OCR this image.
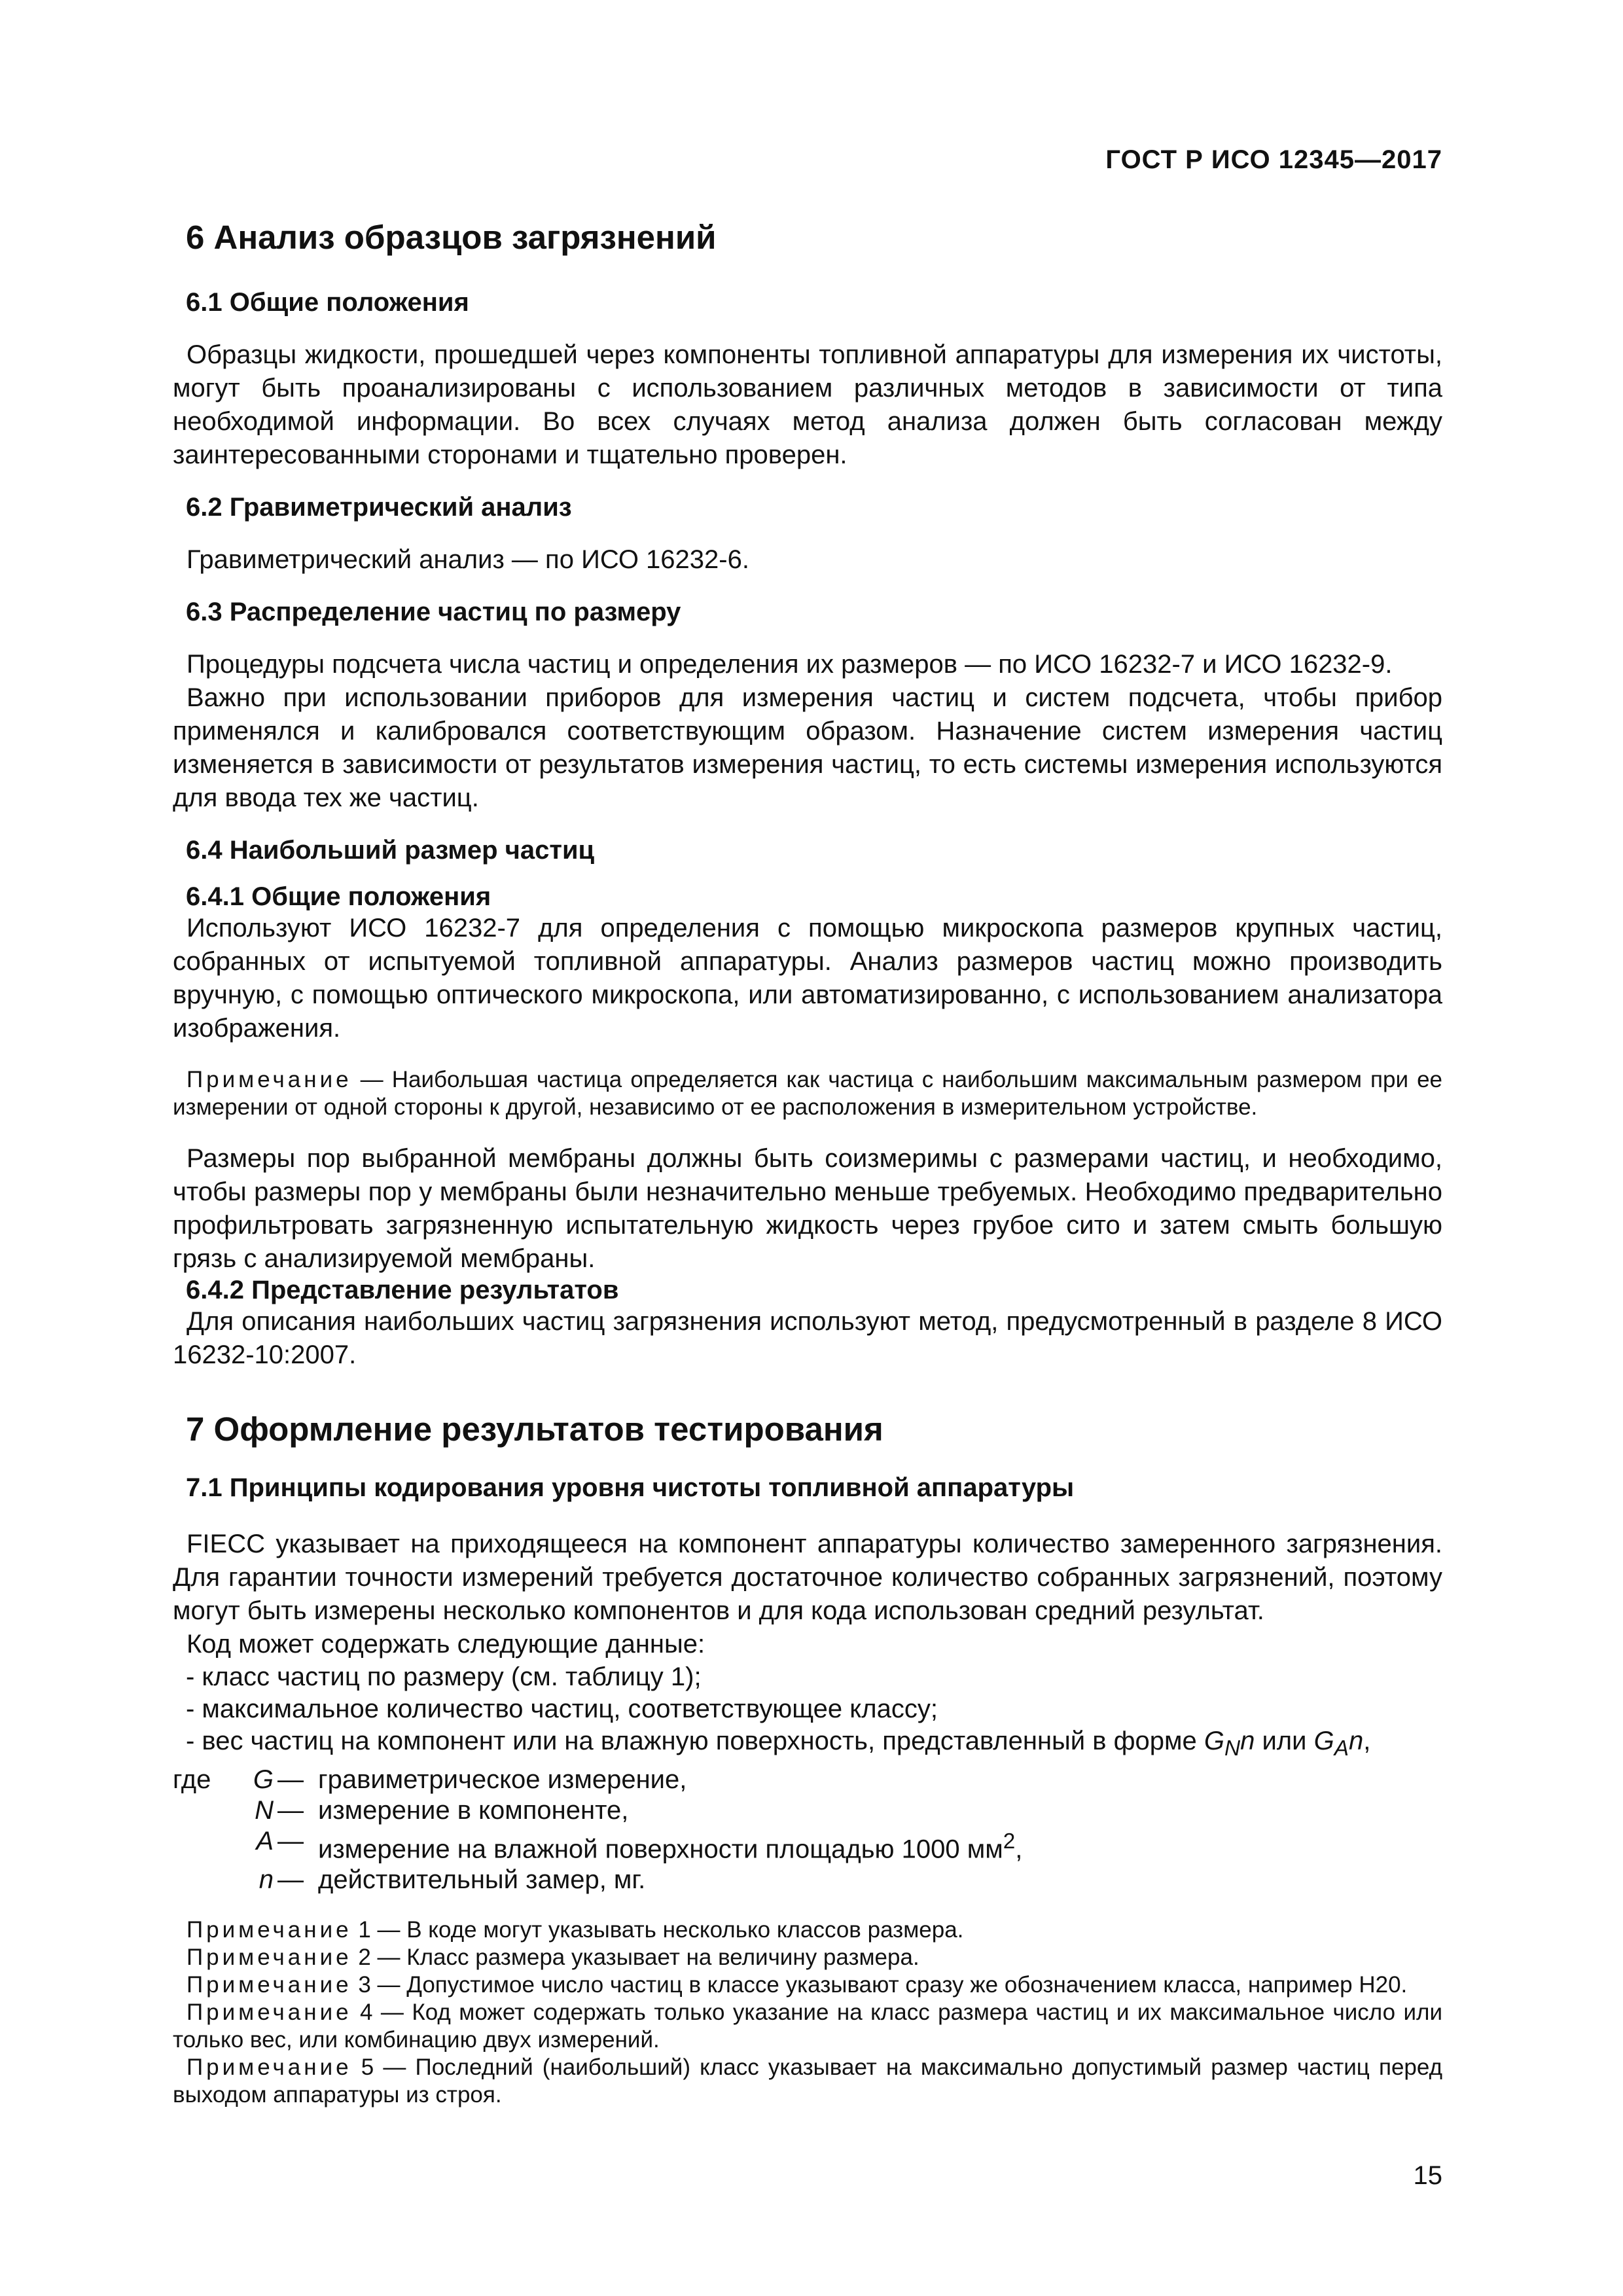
ГОСТ Р ИСО 12345—2017
6 Анализ образцов загрязнений
6.1 Общие положения

Образцы жидкости, прошедшей через компоненты топливной аппаратуры для измерения их чистоты, могут быть проанализированы с использованием различных методов в зависимости от типа необходимой информации. Во всех случаях метод анализа должен быть согласован между заинтересованными сторонами и тщательно проверен.

6.2 Гравиметрический анализ

Гравиметрический анализ — по ИСО 16232-6.

6.3 Распределение частиц по размеру

Процедуры подсчета числа частиц и определения их размеров — по ИСО 16232-7 и ИСО 16232-9.

Важно при использовании приборов для измерения частиц и систем подсчета, чтобы прибор применялся и калибровался соответствующим образом. Назначение систем измерения частиц изменяется в зависимости от результатов измерения частиц, то есть системы измерения используются для ввода тех же частиц.

6.4 Наибольший размер частиц
6.4.1 Общие положения

Используют ИСО 16232-7 для определения с помощью микроскопа размеров крупных частиц, собранных от испытуемой топливной аппаратуры. Анализ размеров частиц можно производить вручную, с помощью оптического микроскопа, или автоматизированно, с использованием анализатора изображения.

Примечание — Наибольшая частица определяется как частица с наибольшим максимальным размером при ее измерении от одной стороны к другой, независимо от ее расположения в измерительном устройстве.

Размеры пор выбранной мембраны должны быть соизмеримы с размерами частиц, и необходимо, чтобы размеры пор у мембраны были незначительно меньше требуемых. Необходимо предварительно профильтровать загрязненную испытательную жидкость через грубое сито и затем смыть большую грязь с анализируемой мембраны.

6.4.2 Представление результатов

Для описания наибольших частиц загрязнения используют метод, предусмотренный в разделе 8 ИСО 16232-10:2007.

7 Оформление результатов тестирования
7.1 Принципы кодирования уровня чистоты топливной аппаратуры

FIECC указывает на приходящееся на компонент аппаратуры количество замеренного загрязнения. Для гарантии точности измерений требуется достаточное количество собранных загрязнений, поэтому могут быть измерены несколько компонентов и для кода использован средний результат.

Код может содержать следующие данные:

- класс частиц по размеру (см. таблицу 1);
- максимальное количество частиц, соответствующее классу;
- вес частиц на компонент или на влажную поверхность, представленный в форме $G_Nn$ или $G_An$,
где	G — гравиметрическое измерение,
N — измерение в компоненте,
A — измерение на влажной поверхности площадью 1000 $мм^2$,
n — действительный замер, мг.

Примечание 1 — В коде могут указывать несколько классов размера.

Примечание 2 — Класс размера указывает на величину размера.

Примечание 3 — Допустимое число частиц в классе указывают сразу же обозначением класса, например Н20.

Примечание 4 — Код может содержать только указание на класс размера частиц и их максимальное число или только вес, или комбинацию двух измерений.

Примечание 5 — Последний (наибольший) класс указывает на максимально допустимый размер частиц перед выходом аппаратуры из строя.

15
